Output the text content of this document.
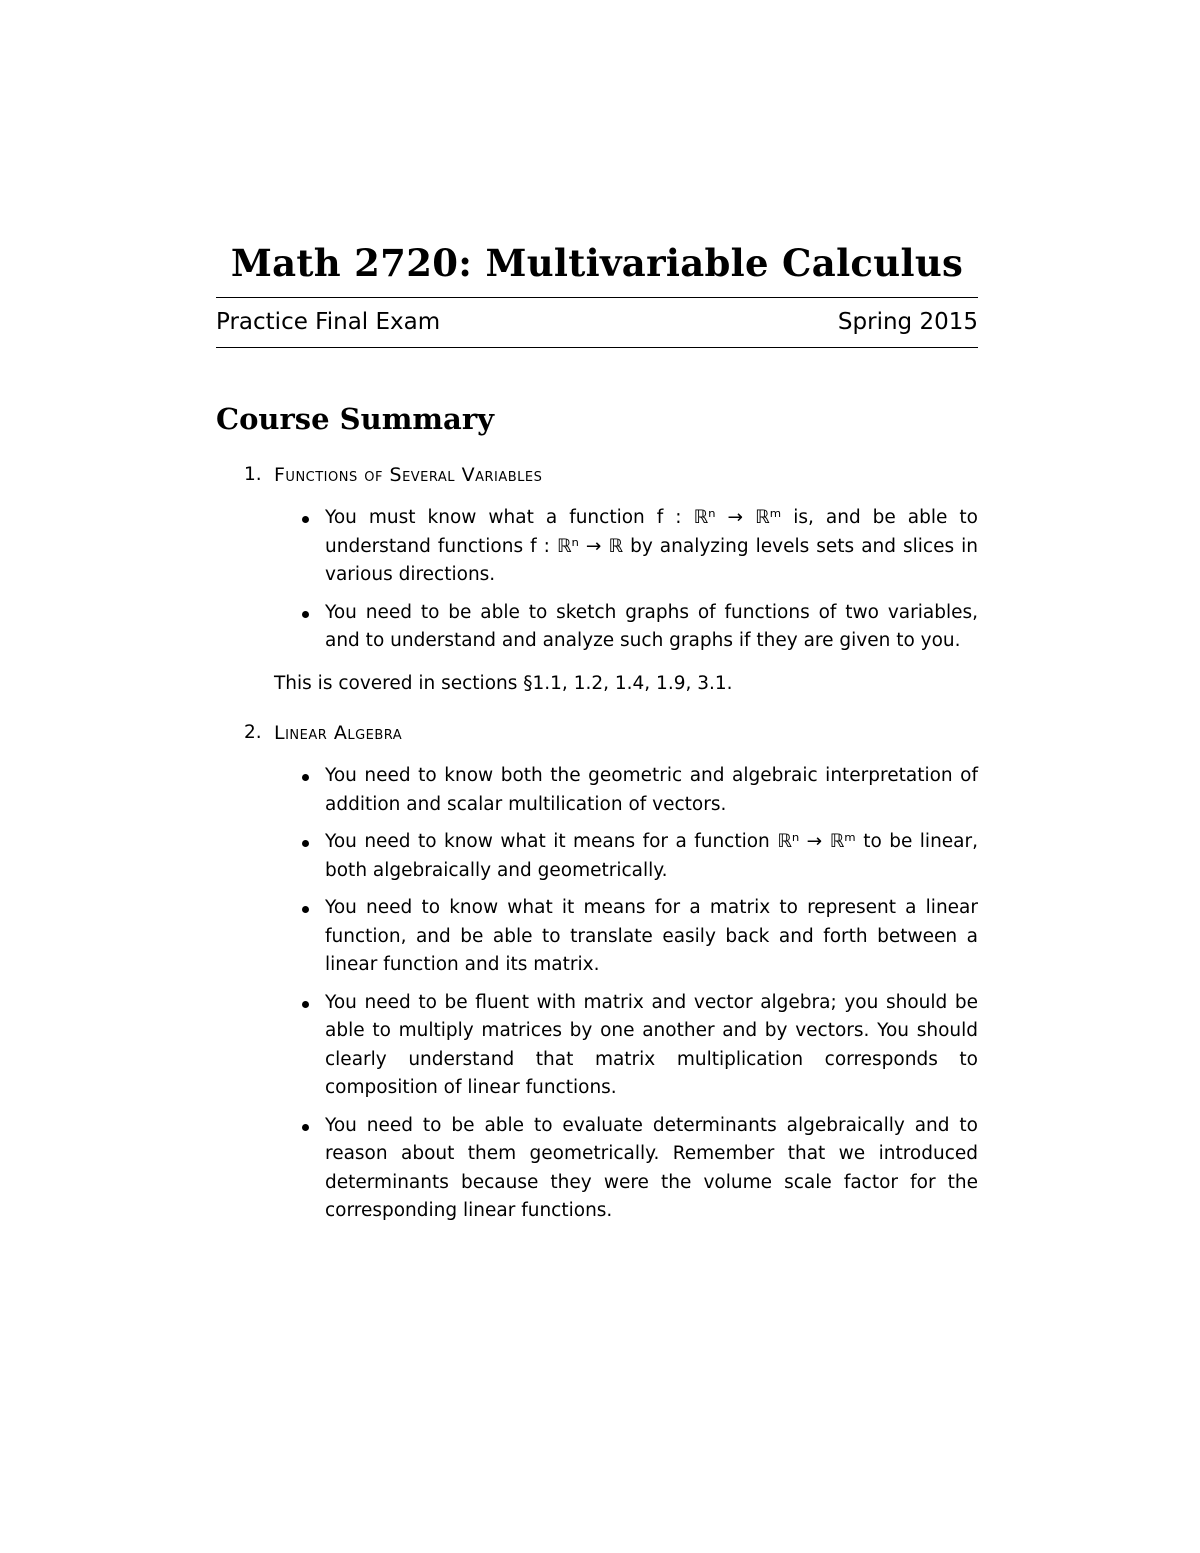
Math 2720: Multivariable Calculus
Practice Final Exam	Spring 2015
Course Summary
1. Functions of Several Variables
You must know what a function f : ℝⁿ → ℝᵐ is, and be able to understand functions f : ℝⁿ → ℝ by analyzing levels sets and slices in various directions.
You need to be able to sketch graphs of functions of two variables, and to understand and analyze such graphs if they are given to you.
This is covered in sections §1.1, 1.2, 1.4, 1.9, 3.1.
2. Linear Algebra
You need to know both the geometric and algebraic interpretation of addition and scalar multilication of vectors.
You need to know what it means for a function ℝⁿ → ℝᵐ to be linear, both algebraically and geometrically.
You need to know what it means for a matrix to represent a linear function, and be able to translate easily back and forth between a linear function and its matrix.
You need to be fluent with matrix and vector algebra; you should be able to multiply matrices by one another and by vectors. You should clearly understand that matrix multiplication corresponds to composition of linear functions.
You need to be able to evaluate determinants algebraically and to reason about them geometrically. Remember that we introduced determinants because they were the volume scale factor for the corresponding linear functions.
